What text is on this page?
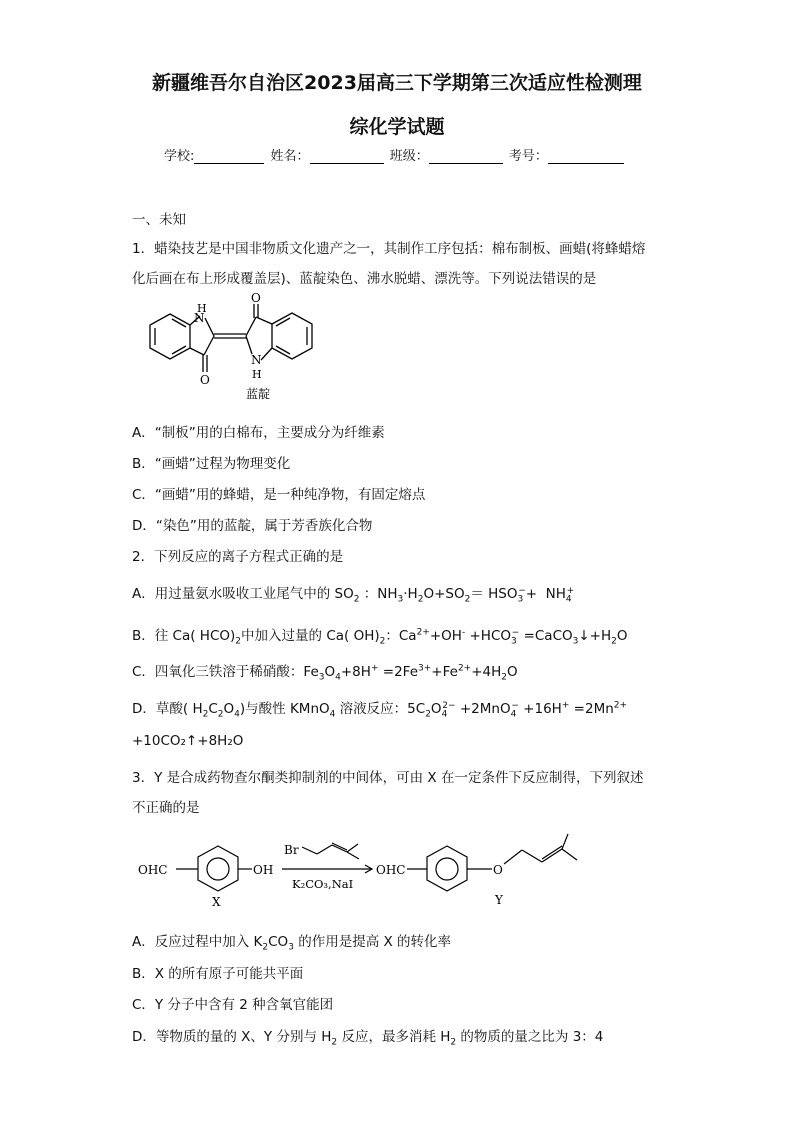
新疆维吾尔自治区2023届高三下学期第三次适应性检测理
综化学试题
学校:	姓名：	班级：	考号：
一、未知
1．蜡染技艺是中国非物质文化遗产之一，其制作工序包括：棉布制板、画蜡(将蜂蜡熔
化后画在布上形成覆盖层)、蓝靛染色、沸水脱蜡、漂洗等。下列说法错误的是
N
H
O
O
N
H
蓝靛
A．“制板”用的白棉布，主要成分为纤维素
B．“画蜡”过程为物理变化
C．“画蜡”用的蜂蜡，是一种纯净物，有固定熔点
D．“染色”用的蓝靛，属于芳香族化合物
2．下列反应的离子方程式正确的是
A．用过量氨水吸收工业尾气中的 $SO_2$ ：$NH_3\cdot H_2O+SO_2= HSO_3^-+ NH_4^+$
B．往 Ca( $HCO)_2$中加入过量的 Ca( $OH)_2$：$Ca^{2+}+OH^- +HCO_3^-$ $=CaCO_3↓+H_2O$
C．四氧化三铁溶于稀硝酸：$Fe_3O_4+8H^+ =2Fe^{3+}+Fe^{2+}+4H_2O$
D．草酸( $H_2C_2O_4$)与酸性 KMnO$_4$ 溶液反应：$5C_2O_4^{2-} +2MnO_4^- +16H^+ =2Mn^{2+}$
+10CO₂↑+8H₂O
3．Y 是合成药物查尔酮类抑制剂的中间体，可由 X 在一定条件下反应制得，下列叙述
不正确的是
OHC	OH
Br
K₂CO₃,NaI
OHC	O
X	Y
A．反应过程中加入 $K_2CO_3$ 的作用是提高 X 的转化率
B．X 的所有原子可能共平面
C．Y 分子中含有 2 种含氧官能团
D．等物质的量的 X、Y 分别与 $H_2$ 反应，最多消耗 $H_2$ 的物质的量之比为 3：4
